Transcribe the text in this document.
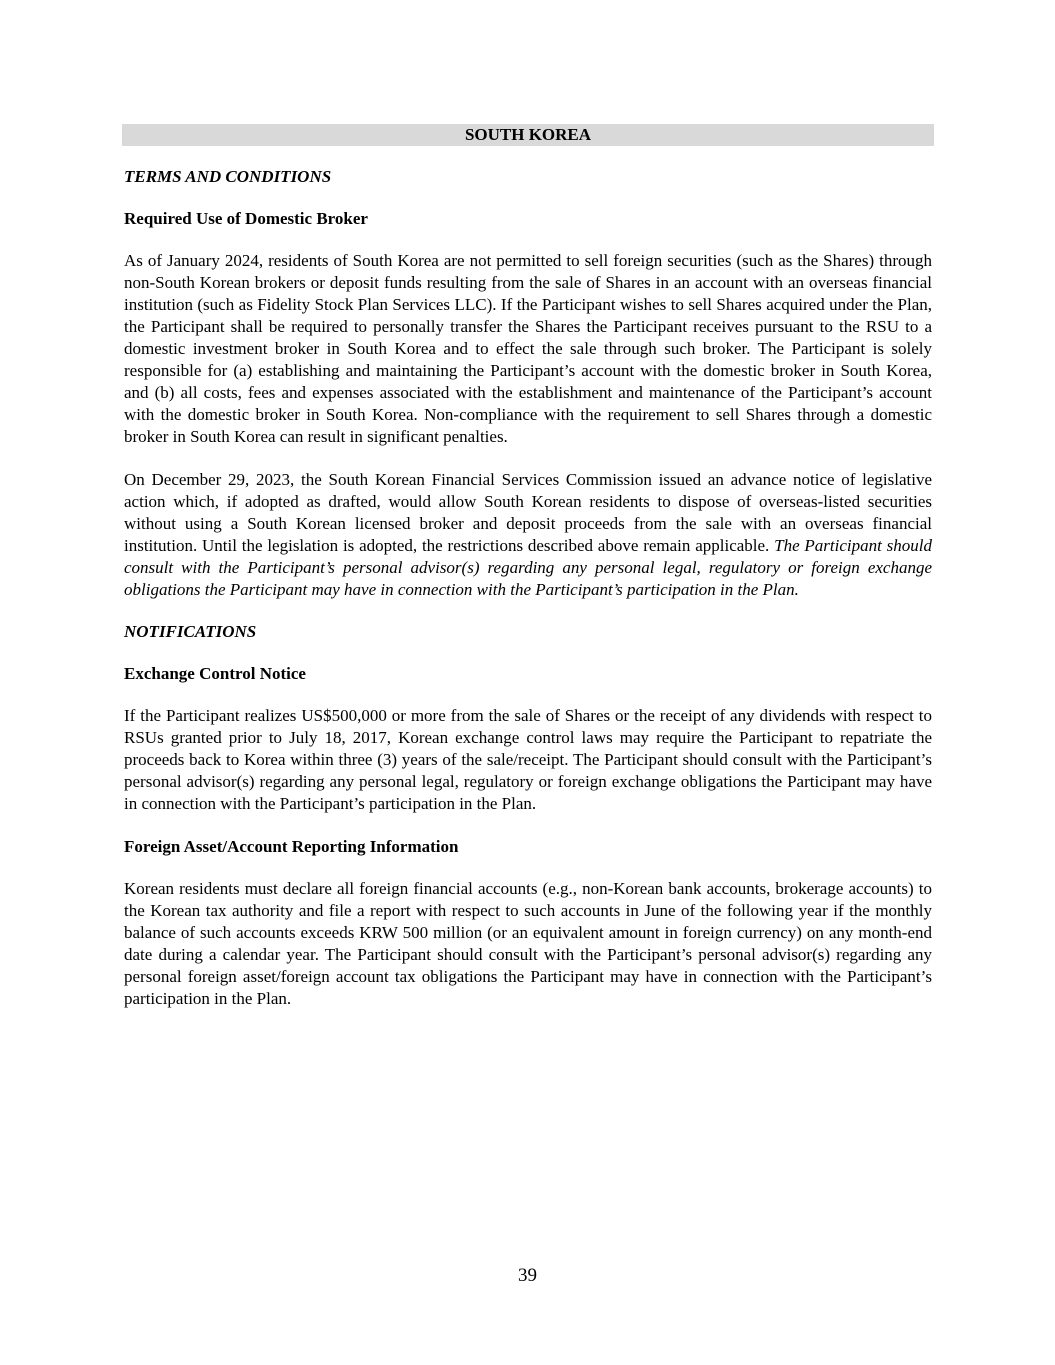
SOUTH KOREA

TERMS AND CONDITIONS

Required Use of Domestic Broker

As of January 2024, residents of South Korea are not permitted to sell foreign securities (such as the Shares) through non-South Korean brokers or deposit funds resulting from the sale of Shares in an account with an overseas financial institution (such as Fidelity Stock Plan Services LLC). If the Participant wishes to sell Shares acquired under the Plan, the Participant shall be required to personally transfer the Shares the Participant receives pursuant to the RSU to a domestic investment broker in South Korea and to effect the sale through such broker. The Participant is solely responsible for (a) establishing and maintaining the Participant’s account with the domestic broker in South Korea, and (b) all costs, fees and expenses associated with the establishment and maintenance of the Participant’s account with the domestic broker in South Korea. Non-compliance with the requirement to sell Shares through a domestic broker in South Korea can result in significant penalties.

On December 29, 2023, the South Korean Financial Services Commission issued an advance notice of legislative action which, if adopted as drafted, would allow South Korean residents to dispose of overseas-listed securities without using a South Korean licensed broker and deposit proceeds from the sale with an overseas financial institution. Until the legislation is adopted, the restrictions described above remain applicable. The Participant should consult with the Participant’s personal advisor(s) regarding any personal legal, regulatory or foreign exchange obligations the Participant may have in connection with the Participant’s participation in the Plan.

NOTIFICATIONS

Exchange Control Notice

If the Participant realizes US$500,000 or more from the sale of Shares or the receipt of any dividends with respect to RSUs granted prior to July 18, 2017, Korean exchange control laws may require the Participant to repatriate the proceeds back to Korea within three (3) years of the sale/receipt. The Participant should consult with the Participant’s personal advisor(s) regarding any personal legal, regulatory or foreign exchange obligations the Participant may have in connection with the Participant’s participation in the Plan.

Foreign Asset/Account Reporting Information

Korean residents must declare all foreign financial accounts (e.g., non-Korean bank accounts, brokerage accounts) to the Korean tax authority and file a report with respect to such accounts in June of the following year if the monthly balance of such accounts exceeds KRW 500 million (or an equivalent amount in foreign currency) on any month-end date during a calendar year. The Participant should consult with the Participant’s personal advisor(s) regarding any personal foreign asset/foreign account tax obligations the Participant may have in connection with the Participant’s participation in the Plan.

39
